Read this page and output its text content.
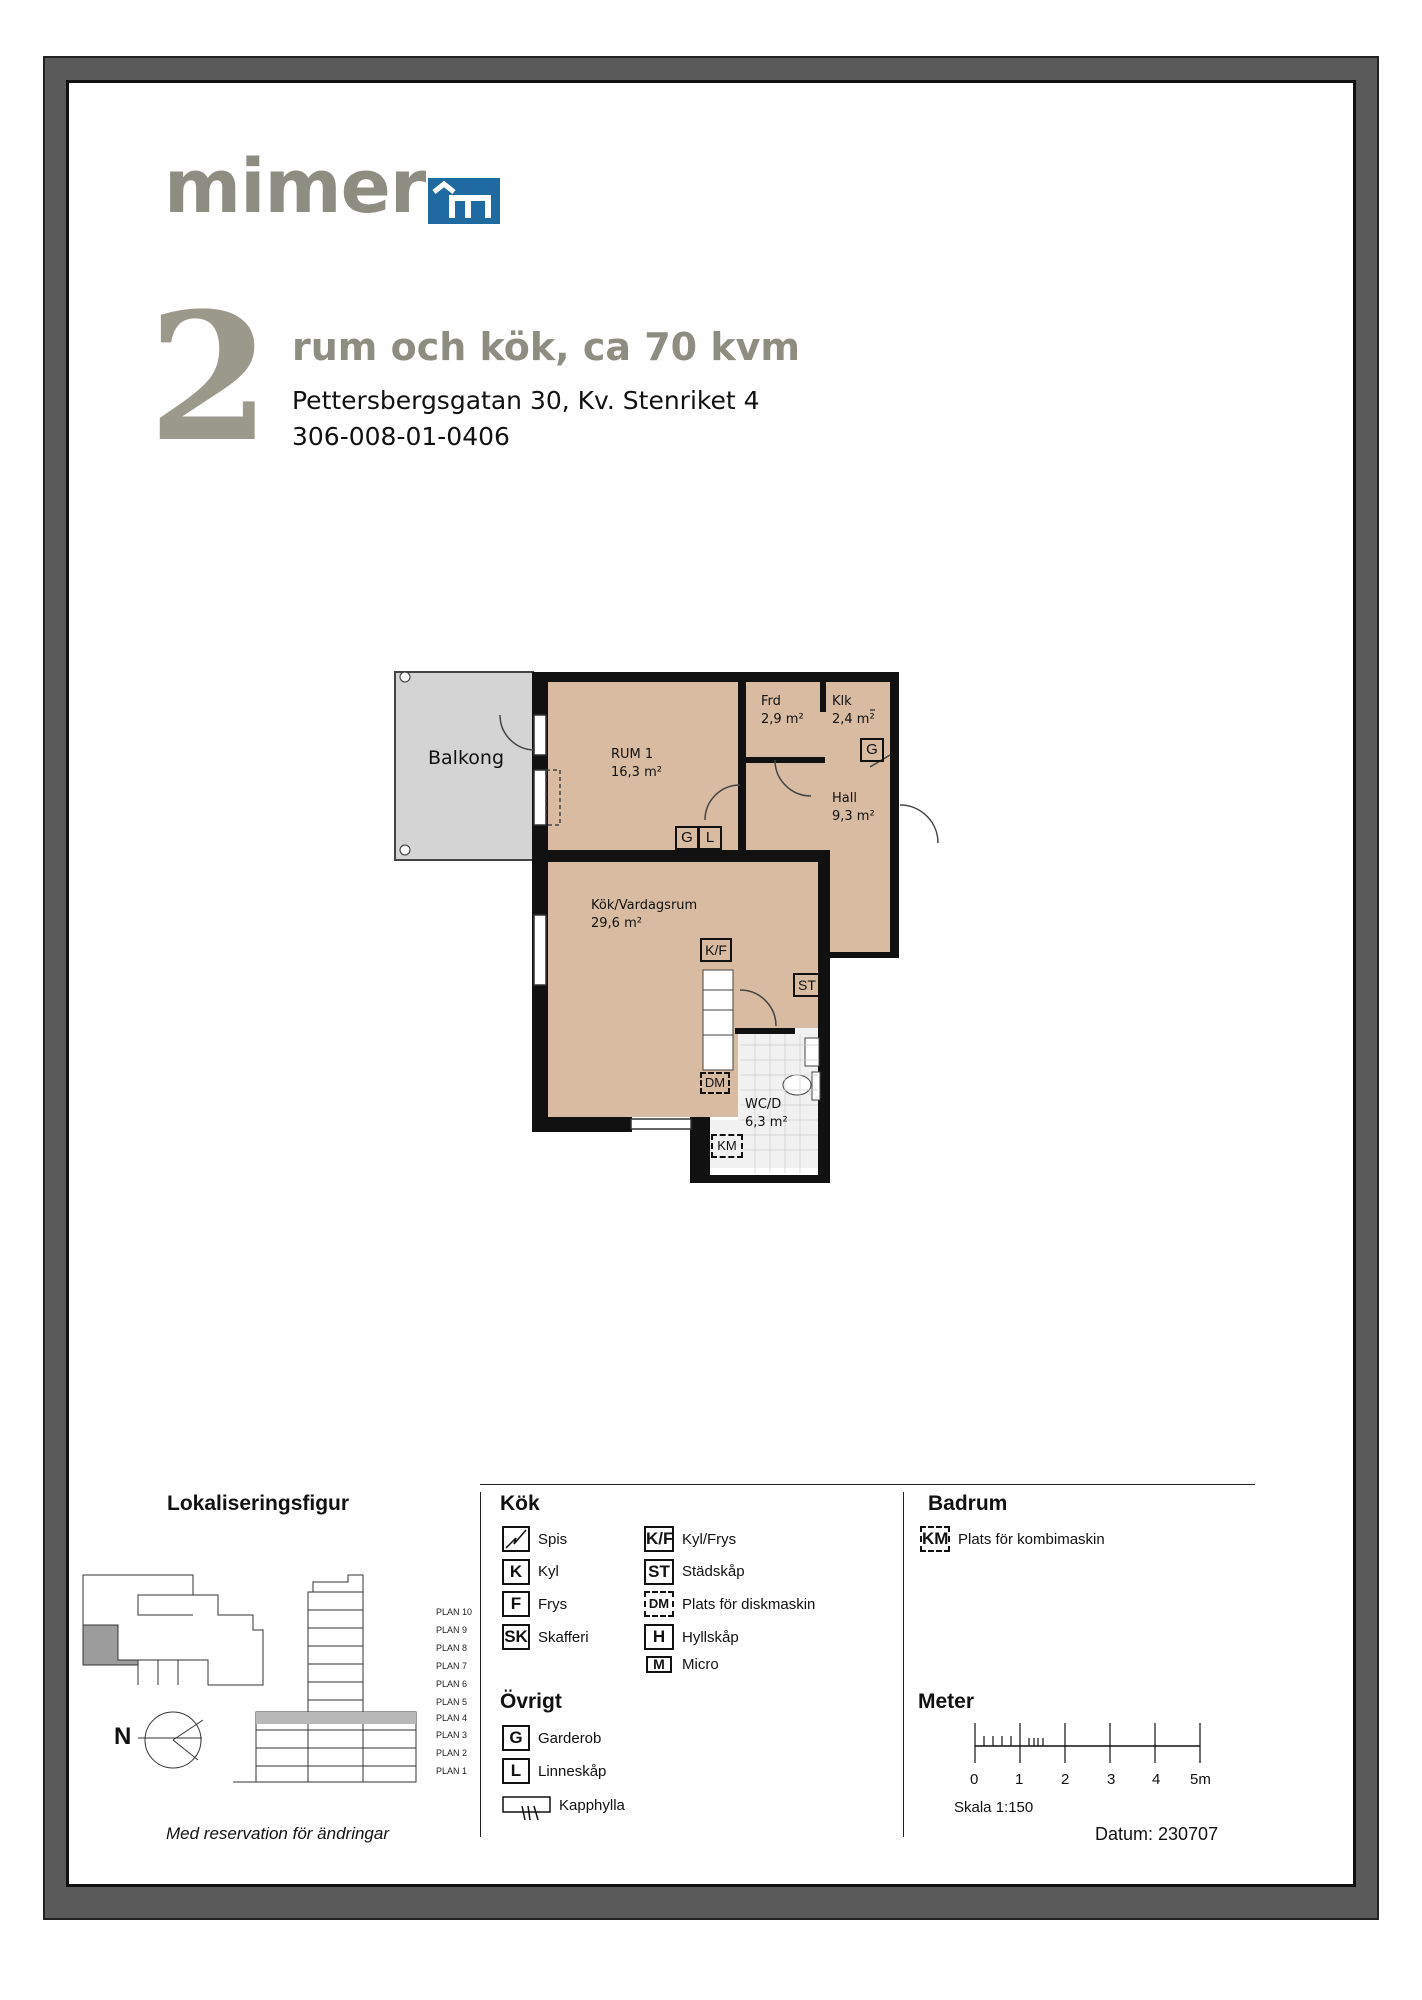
mimer
2 rum och kök, ca 70 kvm
Pettersbergsgatan 30, Kv. Stenriket 4
306-008-01-0406
Balkong	RUM 1
16,3 m²
Frd
2,9 m²
Klk
2,4 m²
Hall
9,3 m²
Kök/Vardagsrum
29,6 m²
WC/D
6,3 m²
G L
G
K/F
ST
DM
KM
Lokaliseringsfigur
N
PLAN 10
PLAN 9
PLAN 8
PLAN 7
PLAN 6
PLAN 5
PLAN 4
PLAN 3
PLAN 2
PLAN 1
Med reservation för ändringar
Kök
Spis
K	Kyl
F	Frys
SK Skafferi
K/F Kyl/Frys
ST Städskåp
DM Plats för diskmaskin
H	Hyllskåp
M	Micro
Övrigt
G	Garderob
L	Linneskåp
Kapphylla
Badrum
KM Plats för kombimaskin
Meter
0 1	2	3 4 5m
Skala 1:150
Datum: 230707
